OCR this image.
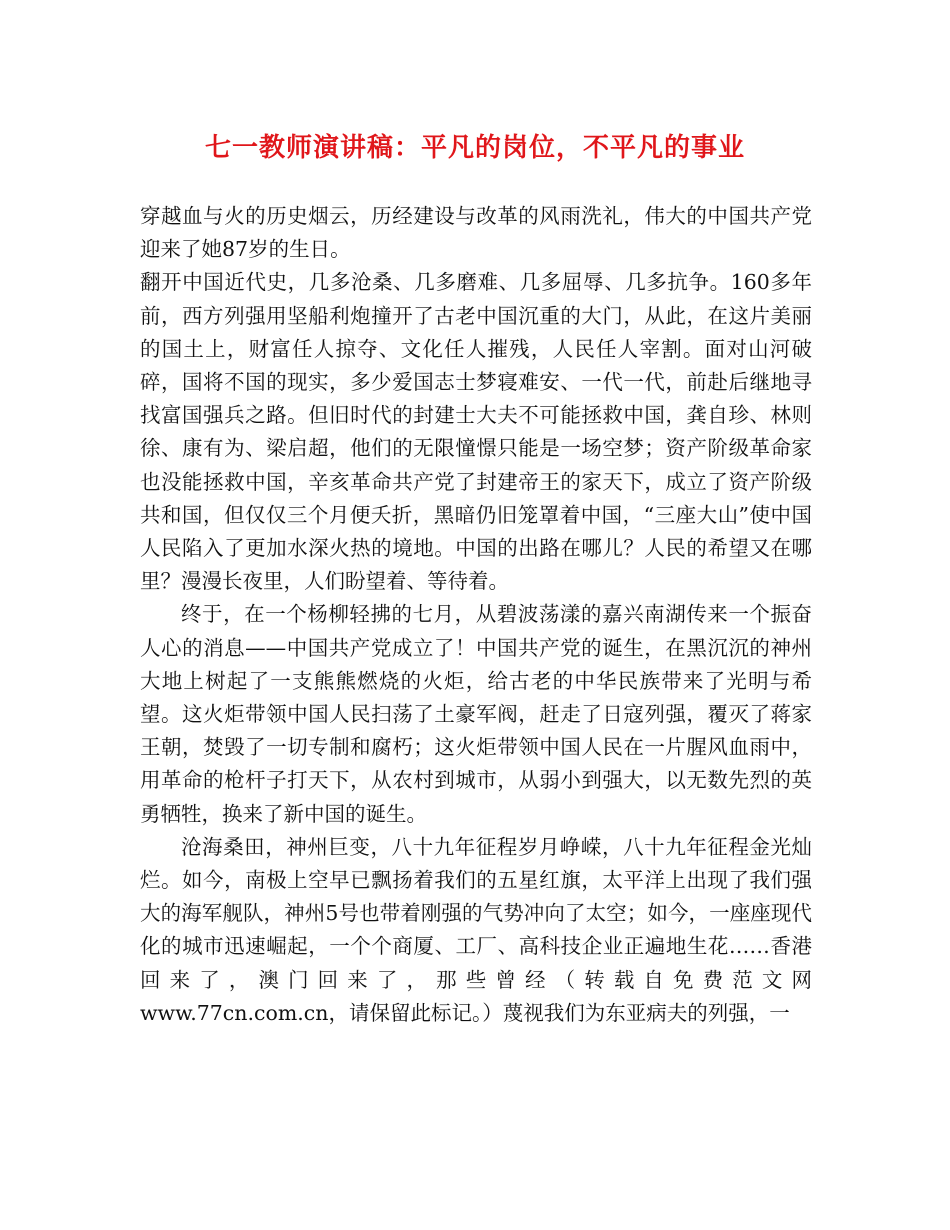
七一教师演讲稿：平凡的岗位，不平凡的事业

穿越血与火的历史烟云，历经建设与改革的风雨洗礼，伟大的中国共产党迎来了她87岁的生日。

翻开中国近代史，几多沧桑、几多磨难、几多屈辱、几多抗争。160多年前，西方列强用坚船利炮撞开了古老中国沉重的大门，从此，在这片美丽的国土上，财富任人掠夺、文化任人摧残，人民任人宰割。面对山河破碎，国将不国的现实，多少爱国志士梦寝难安、一代一代，前赴后继地寻找富国强兵之路。但旧时代的封建士大夫不可能拯救中国，龚自珍、林则徐、康有为、梁启超，他们的无限憧憬只能是一场空梦；资产阶级革命家也没能拯救中国，辛亥革命共产党了封建帝王的家天下，成立了资产阶级共和国，但仅仅三个月便夭折，黑暗仍旧笼罩着中国，“三座大山”使中国人民陷入了更加水深火热的境地。中国的出路在哪儿？人民的希望又在哪里？漫漫长夜里，人们盼望着、等待着。

终于，在一个杨柳轻拂的七月，从碧波荡漾的嘉兴南湖传来一个振奋人心的消息——中国共产党成立了！中国共产党的诞生，在黑沉沉的神州大地上树起了一支熊熊燃烧的火炬，给古老的中华民族带来了光明与希望。这火炬带领中国人民扫荡了土豪军阀，赶走了日寇列强，覆灭了蒋家王朝，焚毁了一切专制和腐朽；这火炬带领中国人民在一片腥风血雨中，用革命的枪杆子打天下，从农村到城市，从弱小到强大，以无数先烈的英勇牺牲，换来了新中国的诞生。

沧海桑田，神州巨变，八十九年征程岁月峥嵘，八十九年征程金光灿烂。如今，南极上空早已飘扬着我们的五星红旗，太平洋上出现了我们强大的海军舰队，神州5号也带着刚强的气势冲向了太空；如今，一座座现代化的城市迅速崛起，一个个商厦、工厂、高科技企业正遍地生花……香港回来了，澳门回来了，那些曾经（转载自免费范文网www.77cn.com.cn，请保留此标记。）蔑视我们为东亚病夫的列强，一
